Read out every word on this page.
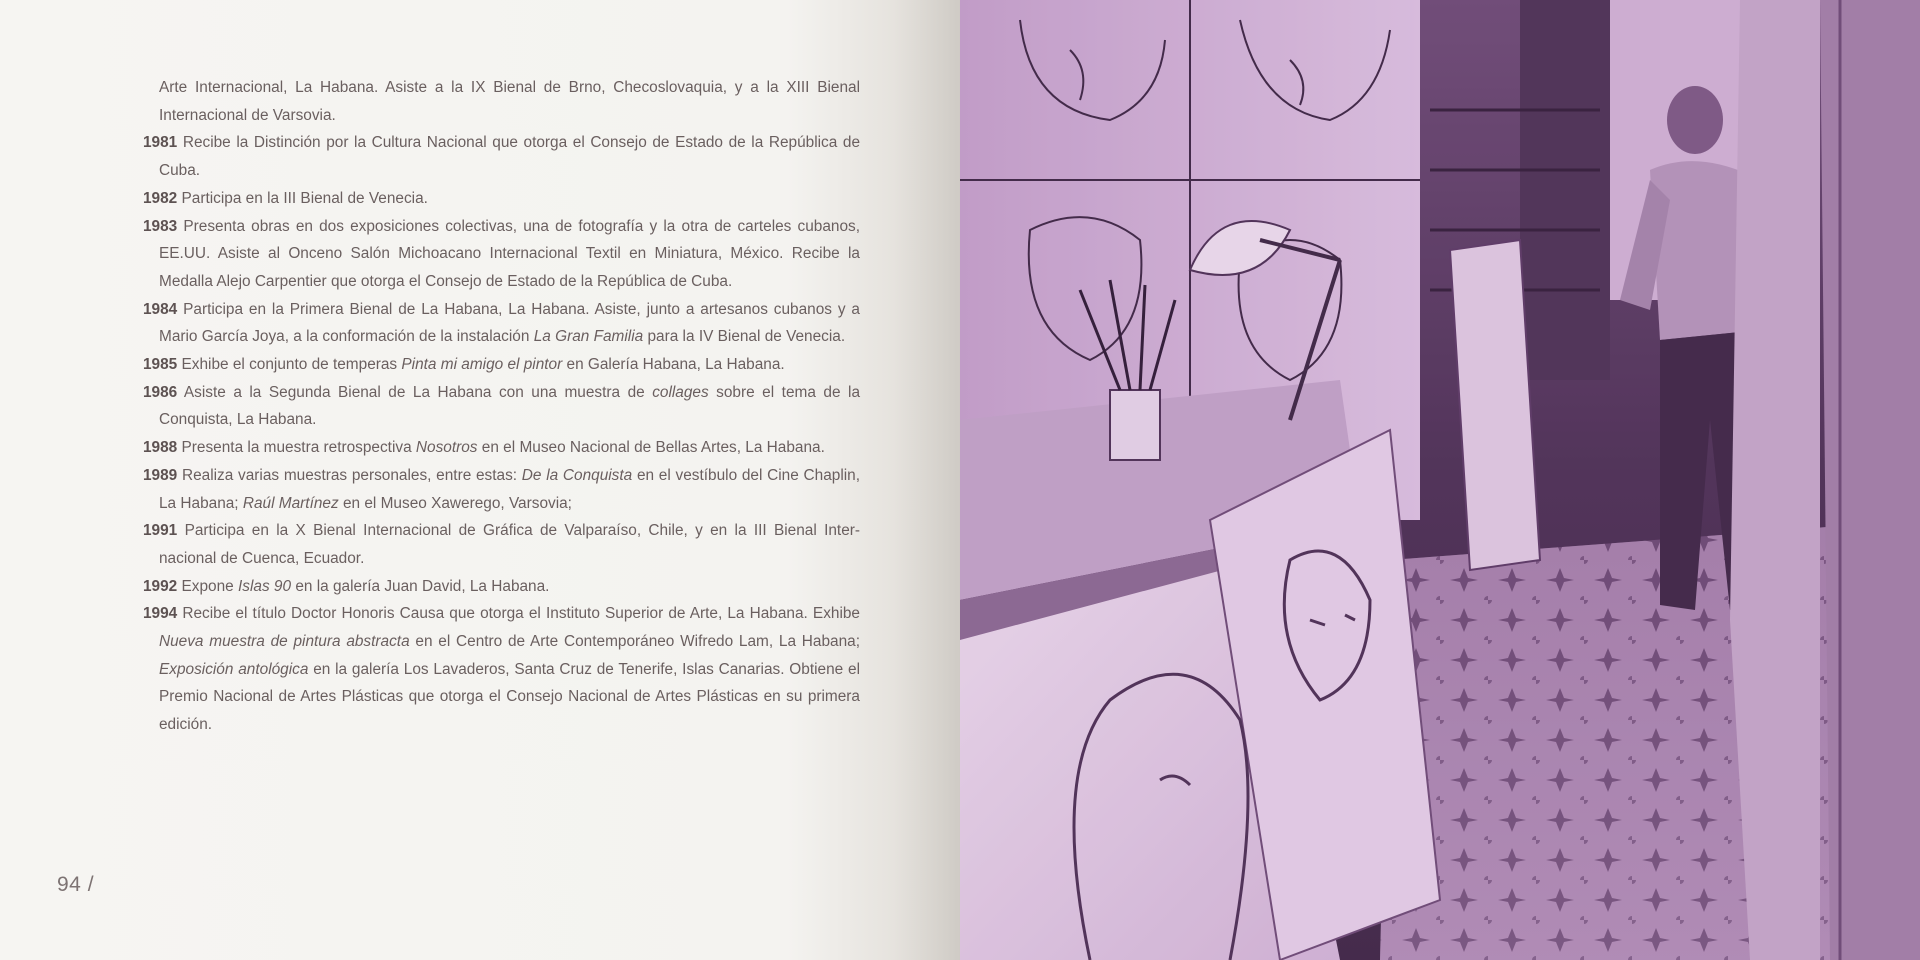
Arte Internacional, La Habana. Asiste a la IX Bienal de Brno, Checoslovaquia, y a la XIII Bienal Internacional de Varsovia.

1981 Recibe la Distinción por la Cultura Nacional que otorga el Consejo de Estado de la República de Cuba.

1982 Participa en la III Bienal de Venecia.

1983 Presenta obras en dos exposiciones colectivas, una de fotografía y la otra de carteles cubanos, EE.UU. Asiste al Onceno Salón Michoacano Internacional Textil en Miniatura, México. Recibe la Medalla Alejo Carpentier que otorga el Consejo de Estado de la República de Cuba.

1984 Participa en la Primera Bienal de La Habana, La Habana. Asiste, junto a artesanos cubanos y a Mario García Joya, a la conformación de la instalación La Gran Familia para la IV Bienal de Venecia.

1985 Exhibe el conjunto de temperas Pinta mi amigo el pintor en Galería Habana, La Habana.

1986 Asiste a la Segunda Bienal de La Habana con una muestra de collages sobre el tema de la Conquista, La Habana.

1988 Presenta la muestra retrospectiva Nosotros en el Museo Nacional de Bellas Artes, La Habana.

1989 Realiza varias muestras personales, entre estas: De la Conquista en el vestíbulo del Cine Chaplin, La Habana; Raúl Martínez en el Museo Xawerego, Varsovia;

1991 Participa en la X Bienal Internacional de Gráfica de Valparaíso, Chile, y en la III Bienal Inter-nacional de Cuenca, Ecuador.

1992 Expone Islas 90 en la galería Juan David, La Habana.

1994 Recibe el título Doctor Honoris Causa que otorga el Instituto Superior de Arte, La Habana. Exhibe Nueva muestra de pintura abstracta en el Centro de Arte Contemporáneo Wifredo Lam, La Habana; Exposición antológica en la galería Los Lavaderos, Santa Cruz de Tenerife, Islas Canarias. Obtiene el Premio Nacional de Artes Plásticas que otorga el Consejo Nacional de Artes Plásticas en su primera edición.

94 /
